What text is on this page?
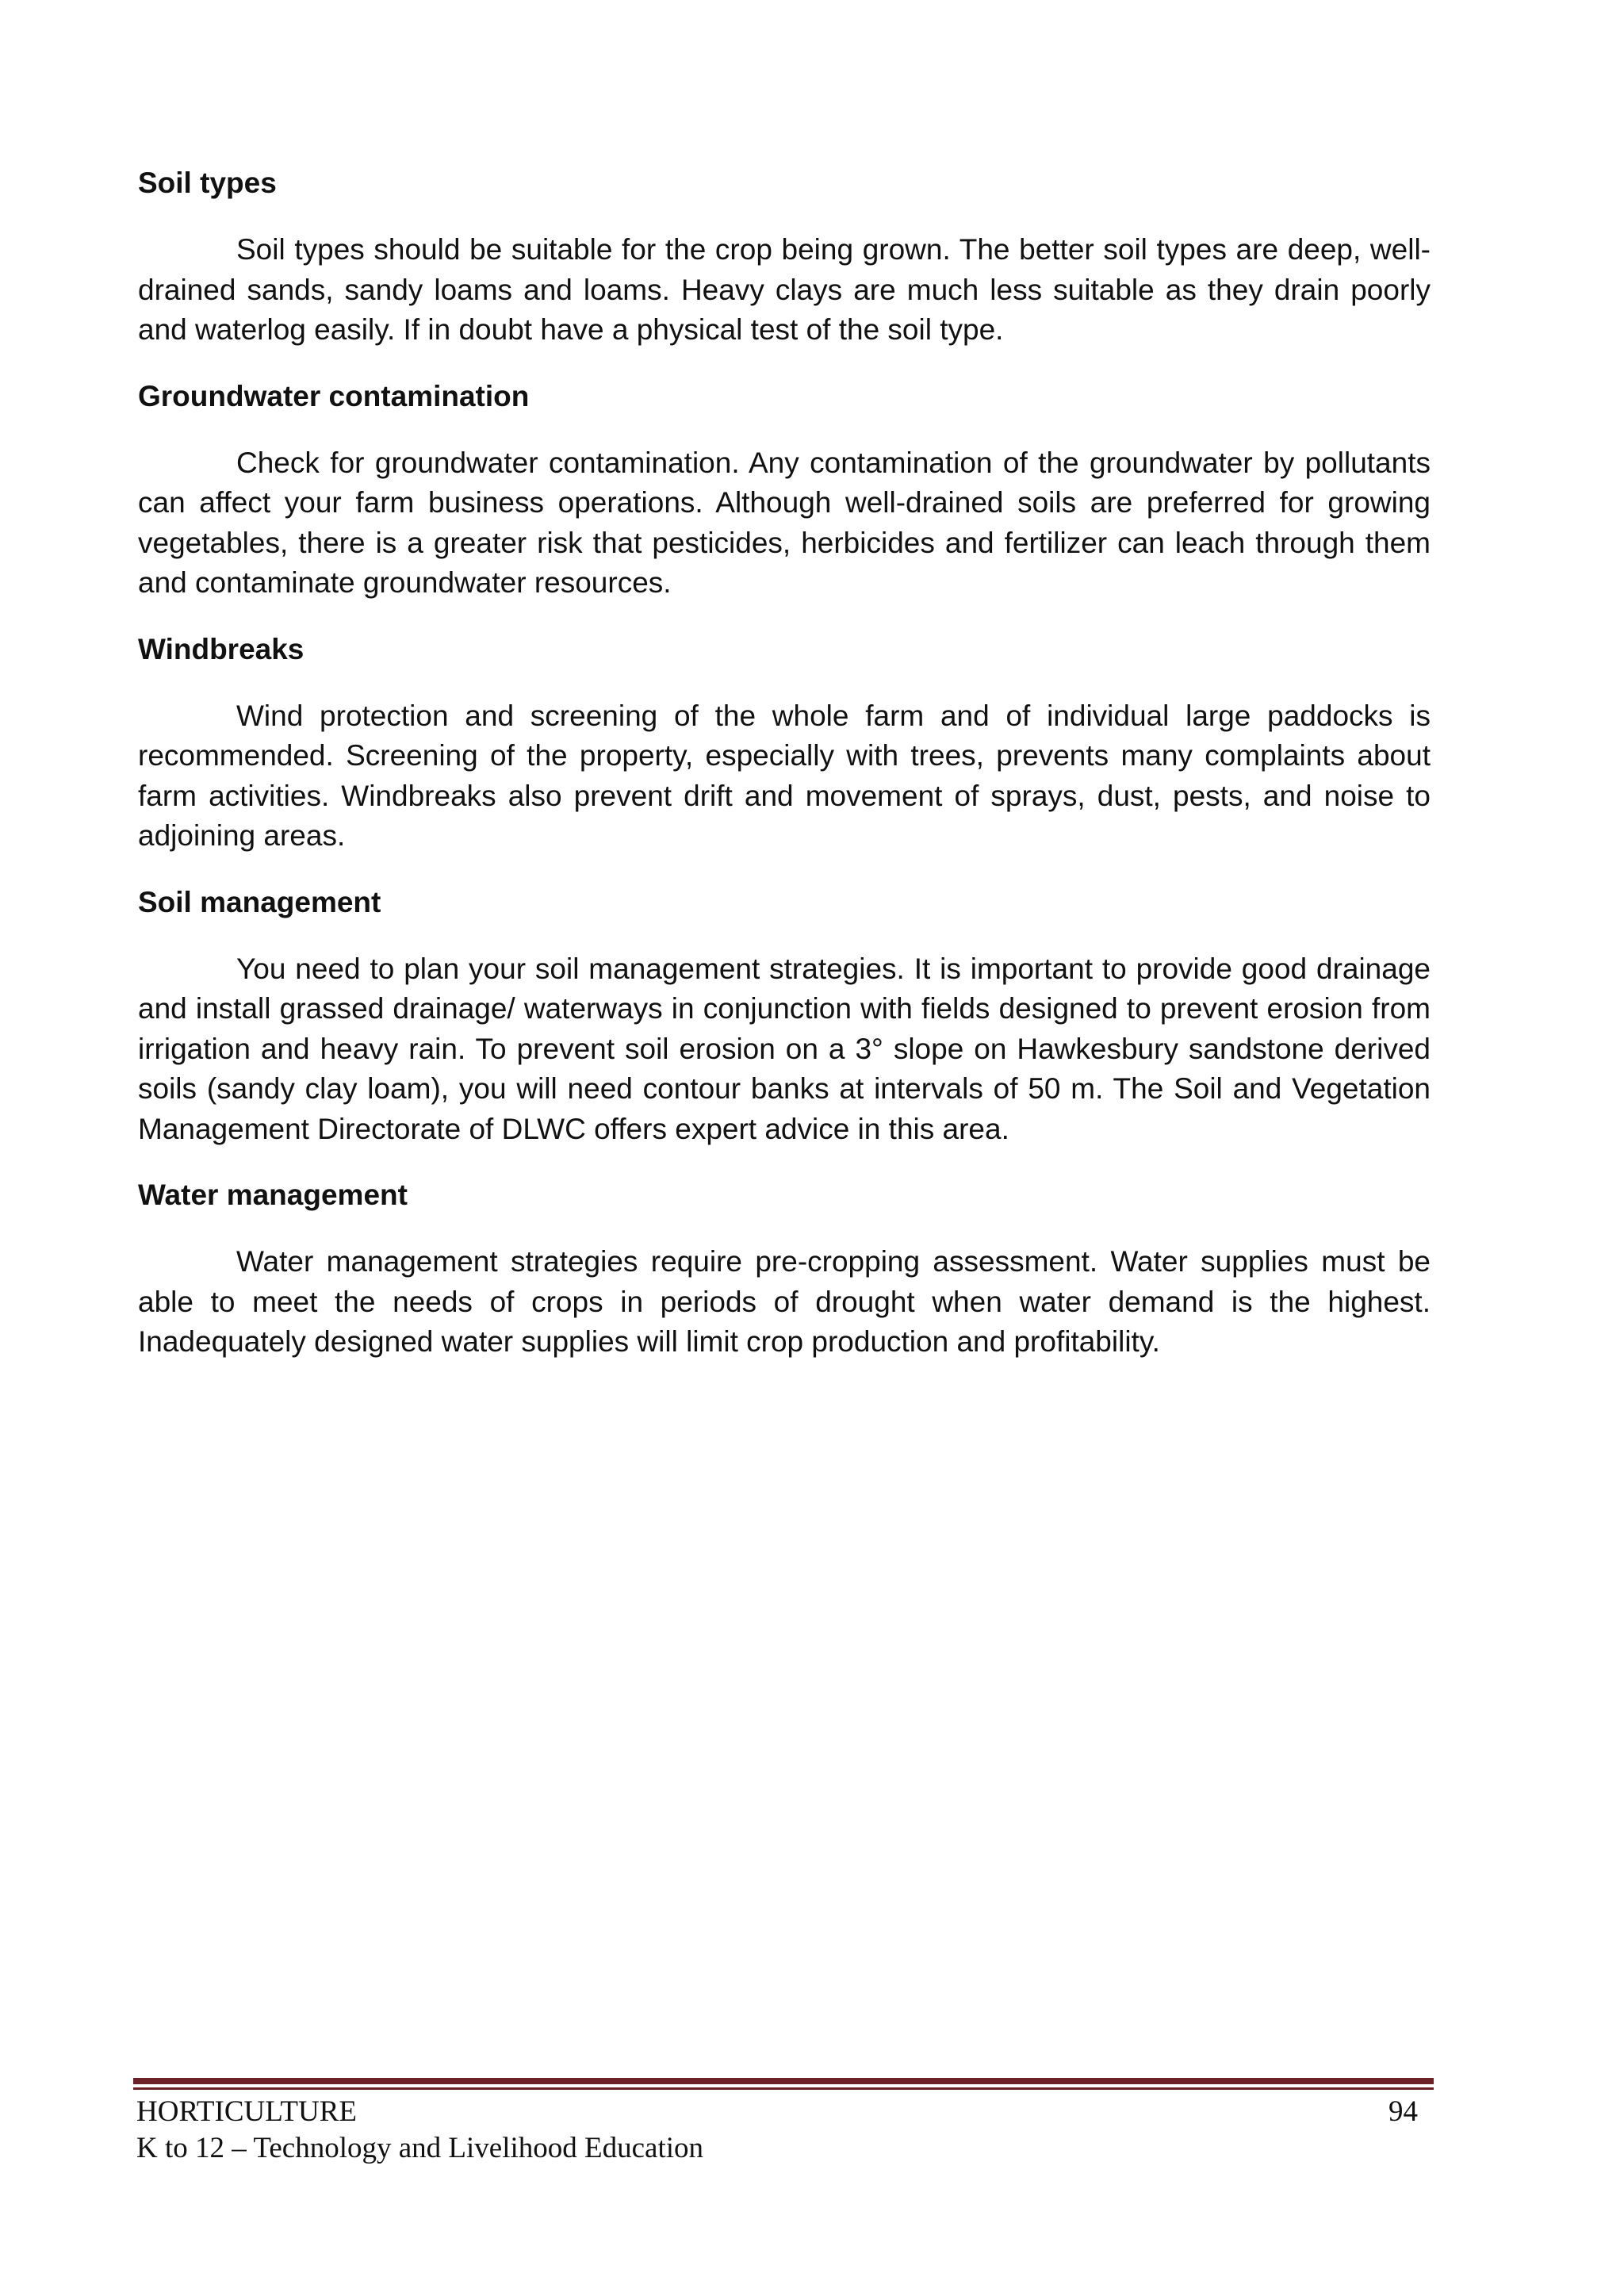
Soil types

Soil types should be suitable for the crop being grown. The better soil types are deep, well-drained sands, sandy loams and loams. Heavy clays are much less suitable as they drain poorly and waterlog easily. If in doubt have a physical test of the soil type.

Groundwater contamination

Check for groundwater contamination. Any contamination of the groundwater by pollutants can affect your farm business operations. Although well-drained soils are preferred for growing vegetables, there is a greater risk that pesticides, herbicides and fertilizer can leach through them and contaminate groundwater resources.

Windbreaks

Wind protection and screening of the whole farm and of individual large paddocks is recommended. Screening of the property, especially with trees, prevents many complaints about farm activities. Windbreaks also prevent drift and movement of sprays, dust, pests, and noise to adjoining areas.

Soil management

You need to plan your soil management strategies. It is important to provide good drainage and install grassed drainage/ waterways in conjunction with fields designed to prevent erosion from irrigation and heavy rain. To prevent soil erosion on a 3° slope on Hawkesbury sandstone derived soils (sandy clay loam), you will need contour banks at intervals of 50 m. The Soil and Vegetation Management Directorate of DLWC offers expert advice in this area.

Water management

Water management strategies require pre-cropping assessment. Water supplies must be able to meet the needs of crops in periods of drought when water demand is the highest. Inadequately designed water supplies will limit crop production and profitability.

HORTICULTURE	94
K to 12 – Technology and Livelihood Education
